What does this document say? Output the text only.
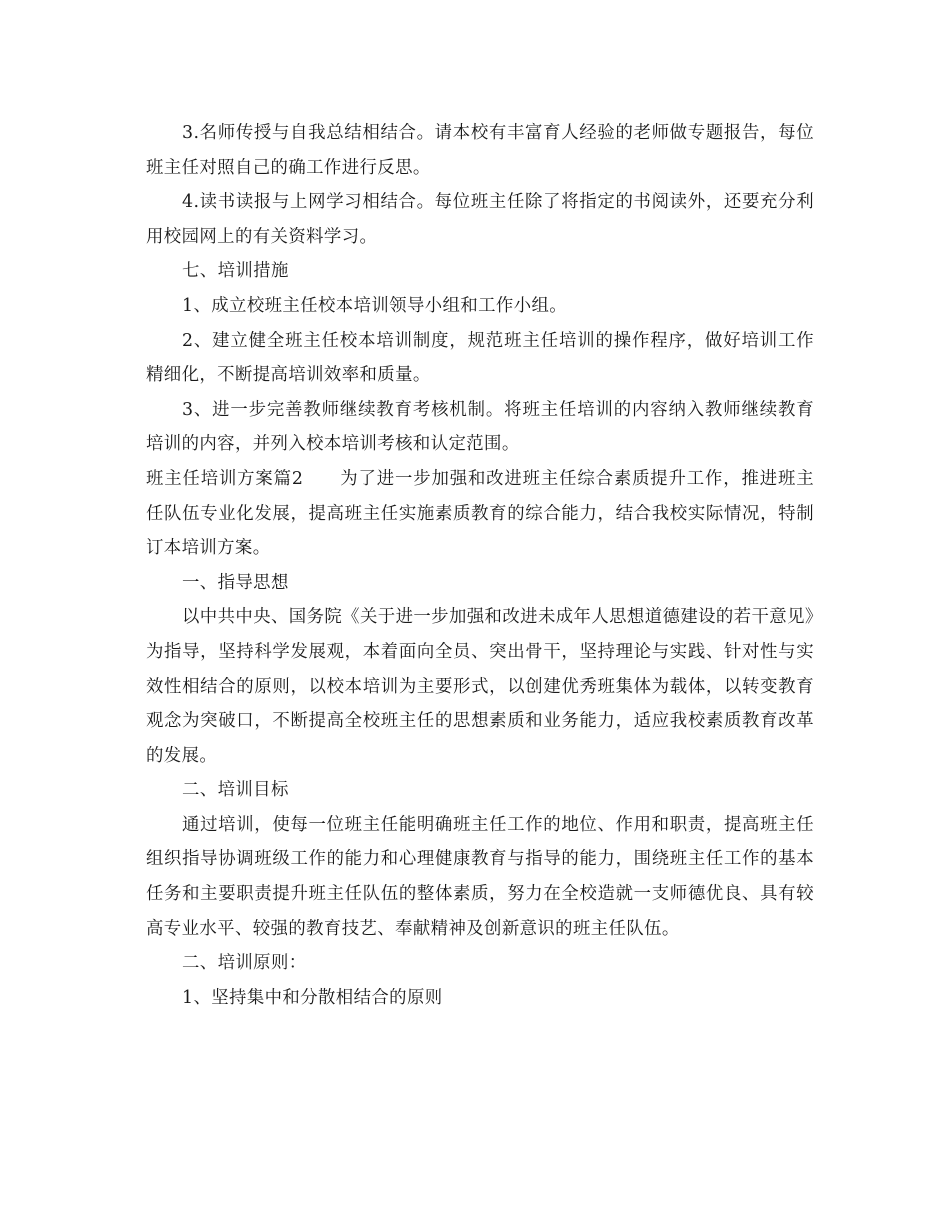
3.名师传授与自我总结相结合。请本校有丰富育人经验的老师做专题报告，每位班主任对照自己的确工作进行反思。

4.读书读报与上网学习相结合。每位班主任除了将指定的书阅读外，还要充分利用校园网上的有关资料学习。

七、培训措施

1、成立校班主任校本培训领导小组和工作小组。

2、建立健全班主任校本培训制度，规范班主任培训的操作程序，做好培训工作精细化，不断提高培训效率和质量。

3、进一步完善教师继续教育考核机制。将班主任培训的内容纳入教师继续教育培训的内容，并列入校本培训考核和认定范围。

班主任培训方案篇2　　为了进一步加强和改进班主任综合素质提升工作，推进班主任队伍专业化发展，提高班主任实施素质教育的综合能力，结合我校实际情况，特制订本培训方案。

一、指导思想

以中共中央、国务院《关于进一步加强和改进未成年人思想道德建设的若干意见》为指导，坚持科学发展观，本着面向全员、突出骨干，坚持理论与实践、针对性与实效性相结合的原则，以校本培训为主要形式，以创建优秀班集体为载体，以转变教育观念为突破口，不断提高全校班主任的思想素质和业务能力，适应我校素质教育改革的发展。

二、培训目标

通过培训，使每一位班主任能明确班主任工作的地位、作用和职责，提高班主任组织指导协调班级工作的能力和心理健康教育与指导的能力，围绕班主任工作的基本任务和主要职责提升班主任队伍的整体素质，努力在全校造就一支师德优良、具有较高专业水平、较强的教育技艺、奉献精神及创新意识的班主任队伍。

二、培训原则：

1、坚持集中和分散相结合的原则
